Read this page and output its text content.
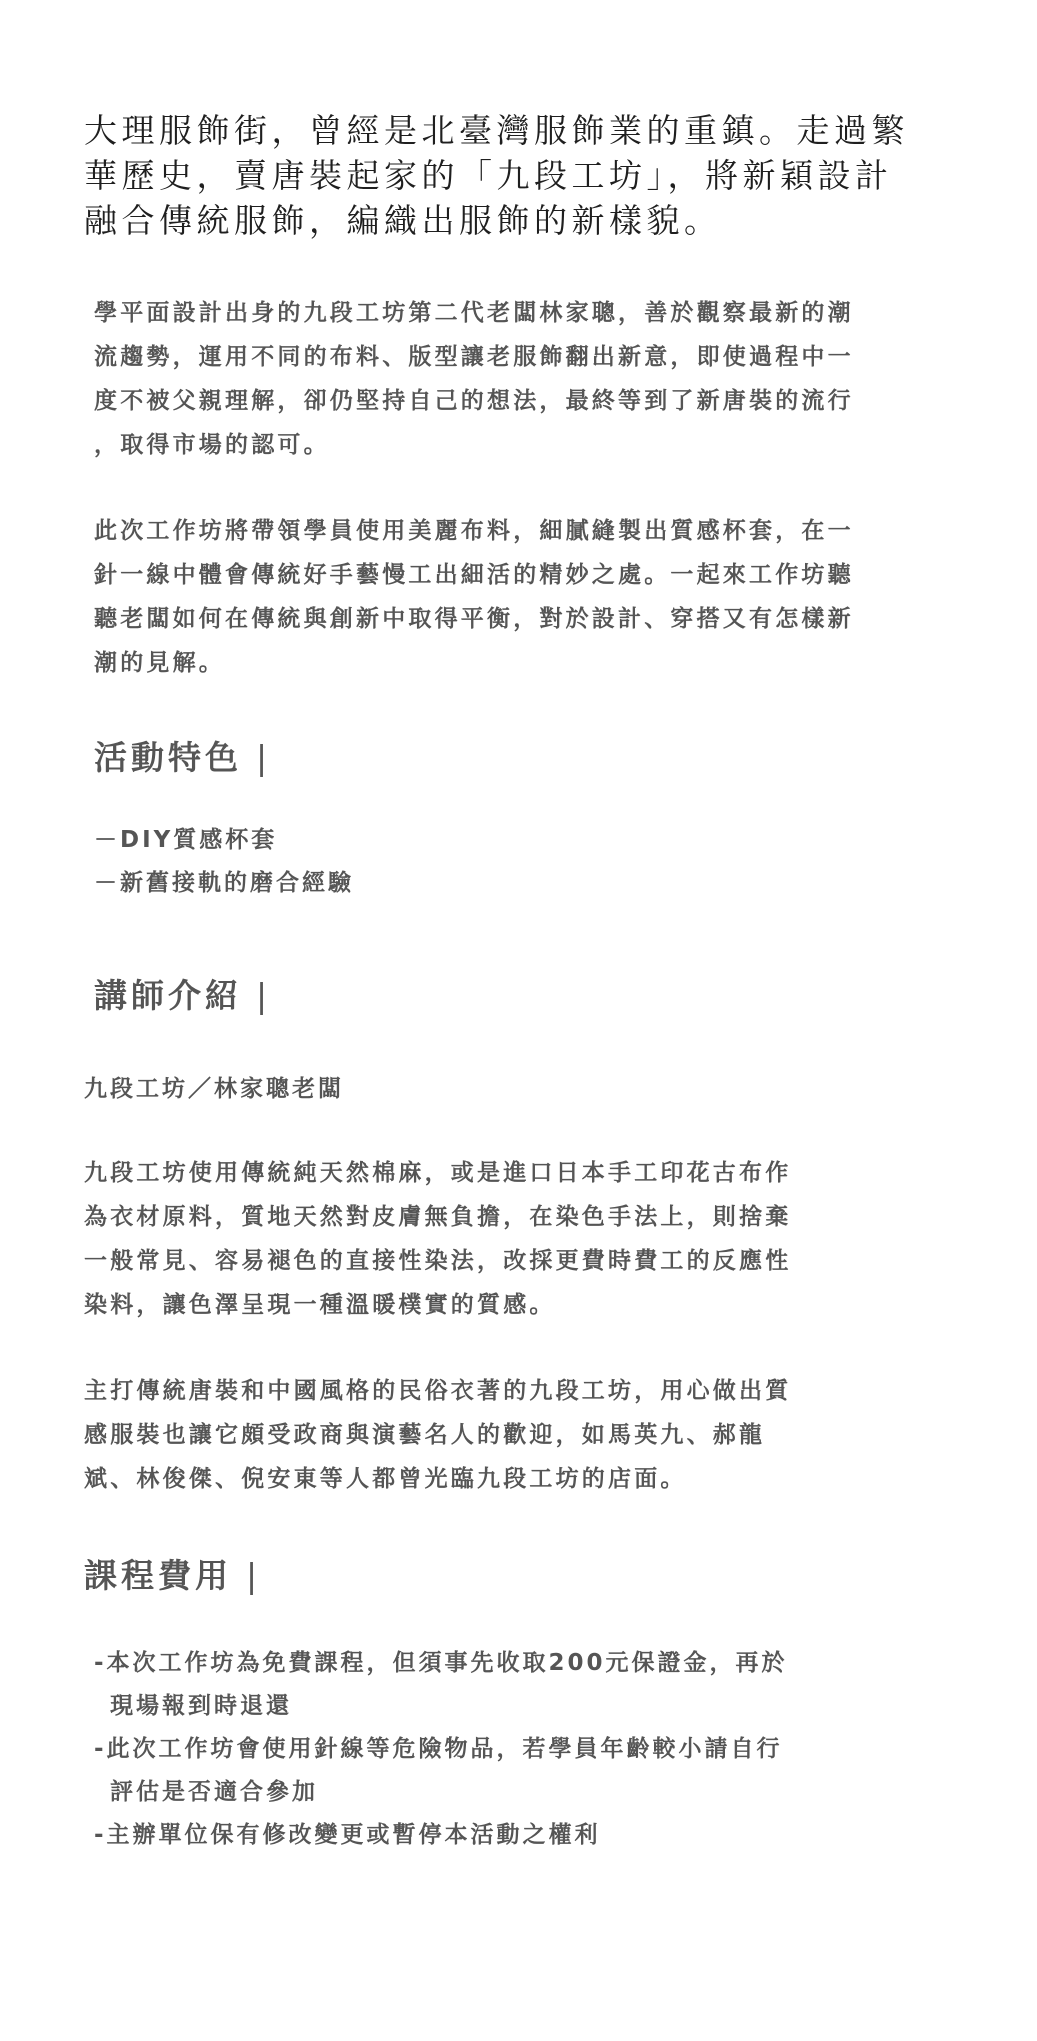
大理服飾街，曾經是北臺灣服飾業的重鎮。走過繁
華歷史，賣唐裝起家的「九段工坊」，將新穎設計
融合傳統服飾，編織出服飾的新樣貌。
學平面設計出身的九段工坊第二代老闆林家聰，善於觀察最新的潮
流趨勢，運用不同的布料、版型讓老服飾翻出新意，即使過程中一
度不被父親理解，卻仍堅持自己的想法，最終等到了新唐裝的流行
，取得市場的認可。
此次工作坊將帶領學員使用美麗布料，細膩縫製出質感杯套，在一
針一線中體會傳統好手藝慢工出細活的精妙之處。一起來工作坊聽
聽老闆如何在傳統與創新中取得平衡，對於設計、穿搭又有怎樣新
潮的見解。
活動特色 |
－DIY質感杯套
－新舊接軌的磨合經驗
講師介紹 |
九段工坊／林家聰老闆
九段工坊使用傳統純天然棉麻，或是進口日本手工印花古布作
為衣材原料，質地天然對皮膚無負擔，在染色手法上，則捨棄
一般常見、容易褪色的直接性染法，改採更費時費工的反應性
染料，讓色澤呈現一種溫暖樸實的質感。
主打傳統唐裝和中國風格的民俗衣著的九段工坊，用心做出質
感服裝也讓它頗受政商與演藝名人的歡迎，如馬英九、郝龍
斌、林俊傑、倪安東等人都曾光臨九段工坊的店面。
課程費用 |
-本次工作坊為免費課程，但須事先收取200元保證金，再於
現場報到時退還
-此次工作坊會使用針線等危險物品，若學員年齡較小請自行
評估是否適合參加
-主辦單位保有修改變更或暫停本活動之權利
